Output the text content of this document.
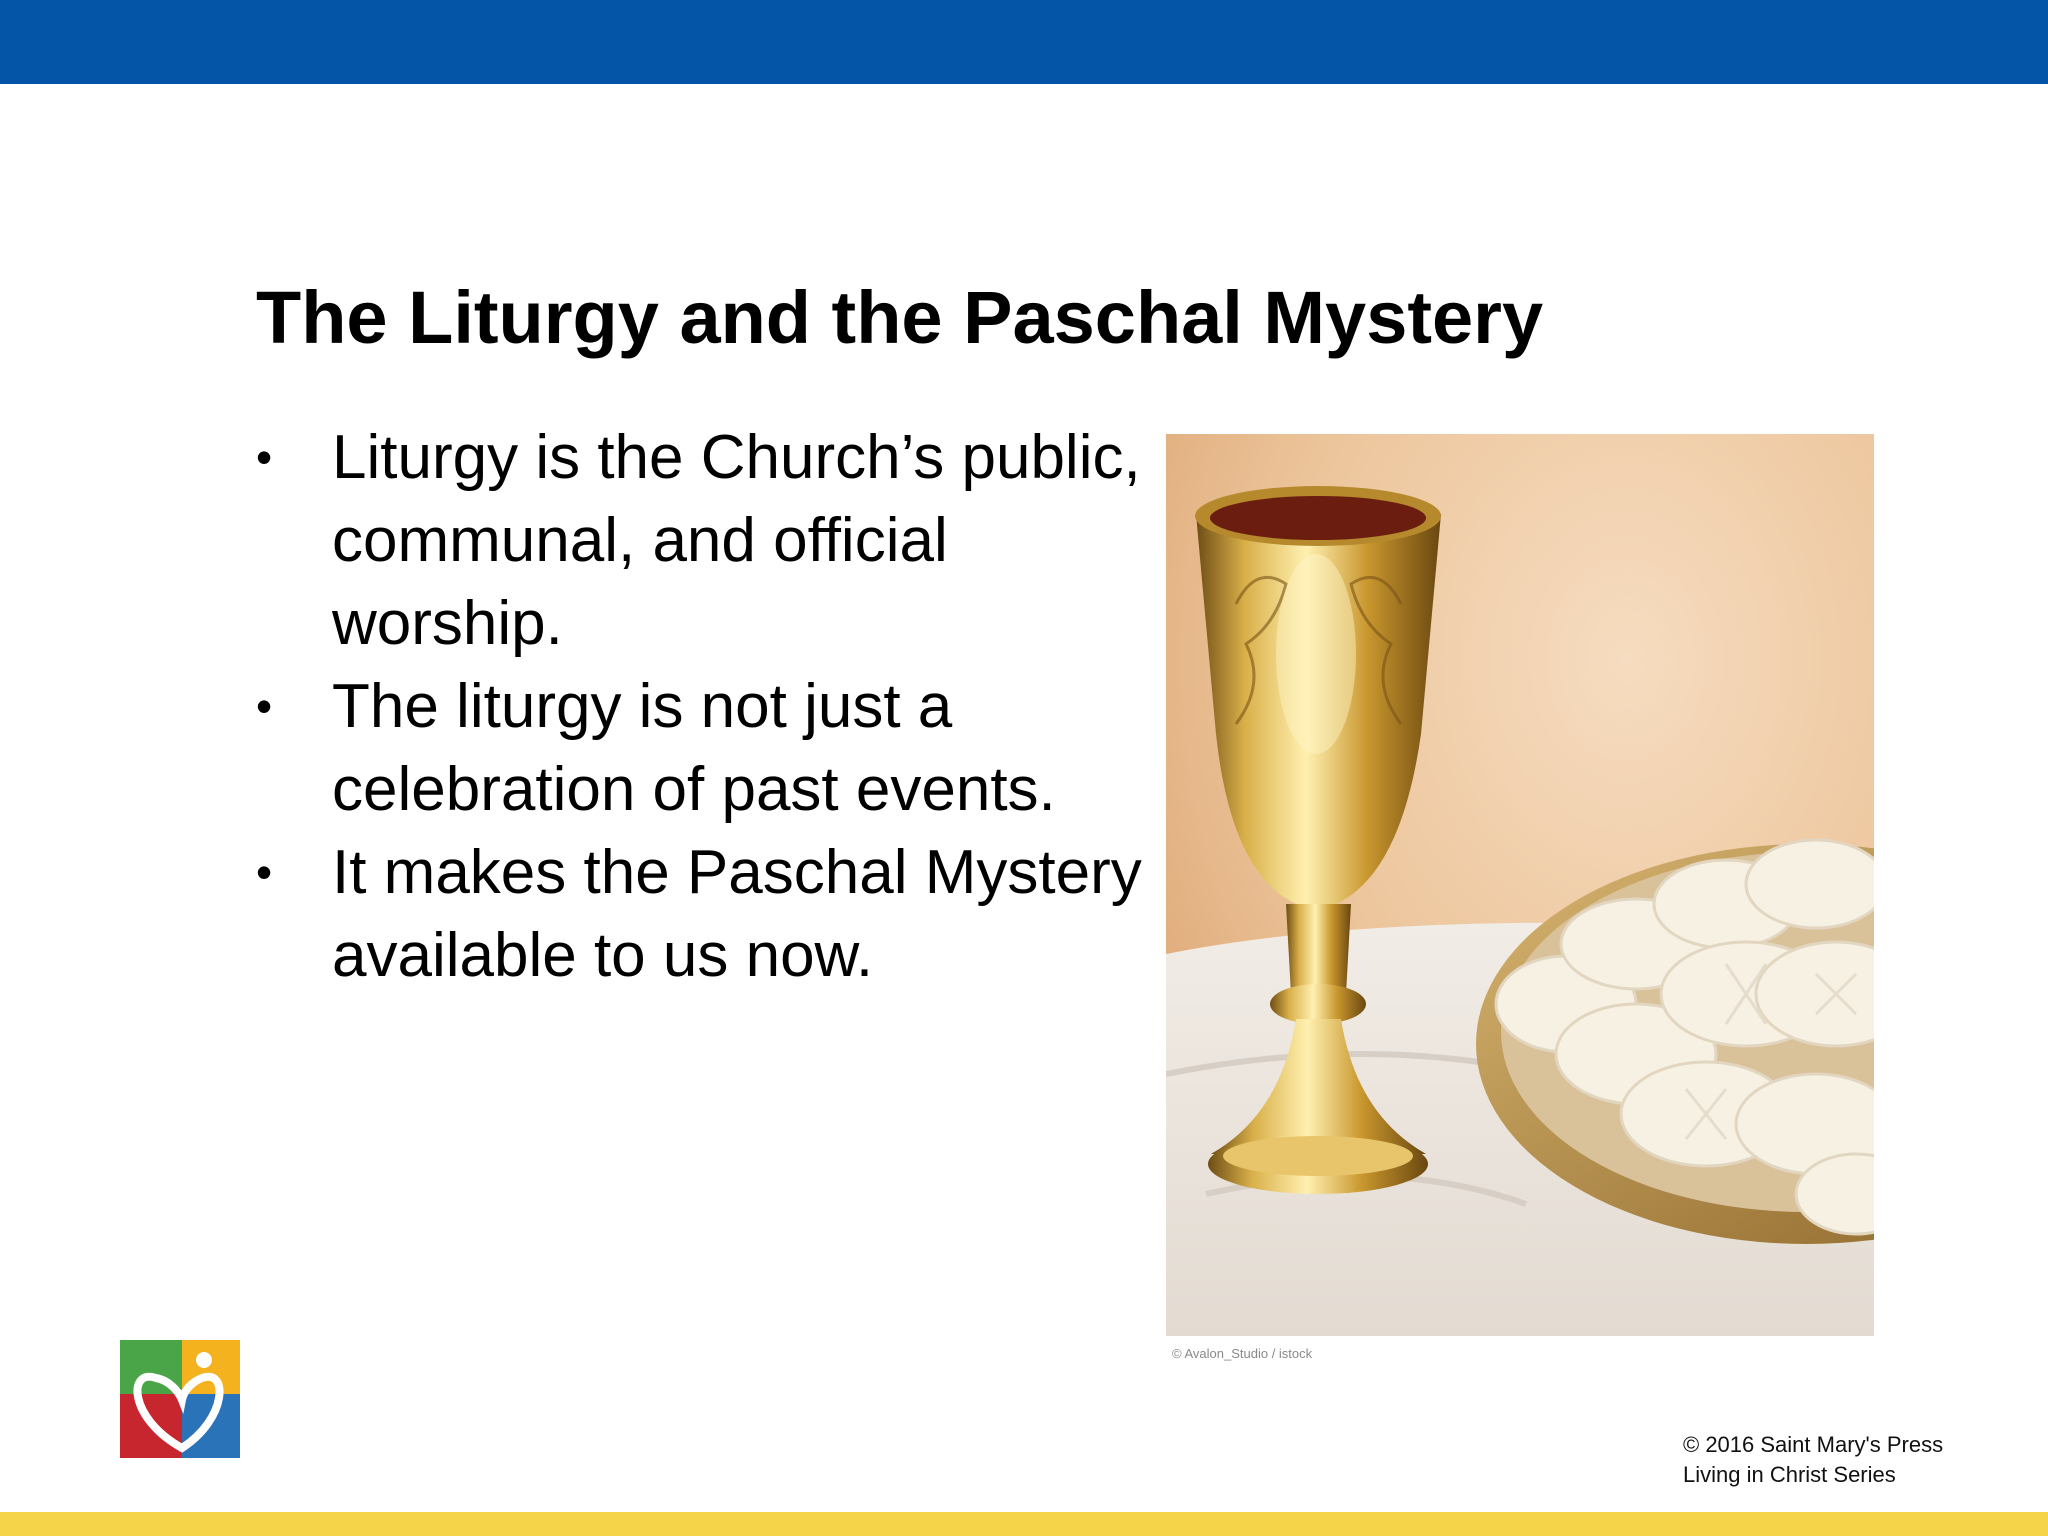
The Liturgy and the Paschal Mystery
• Liturgy is the Church’s public, communal, and official worship.
• The liturgy is not just a celebration of past events.
• It makes the Paschal Mystery available to us now.
© Avalon_Studio / istock
© 2016 Saint Mary's Press
Living in Christ Series
